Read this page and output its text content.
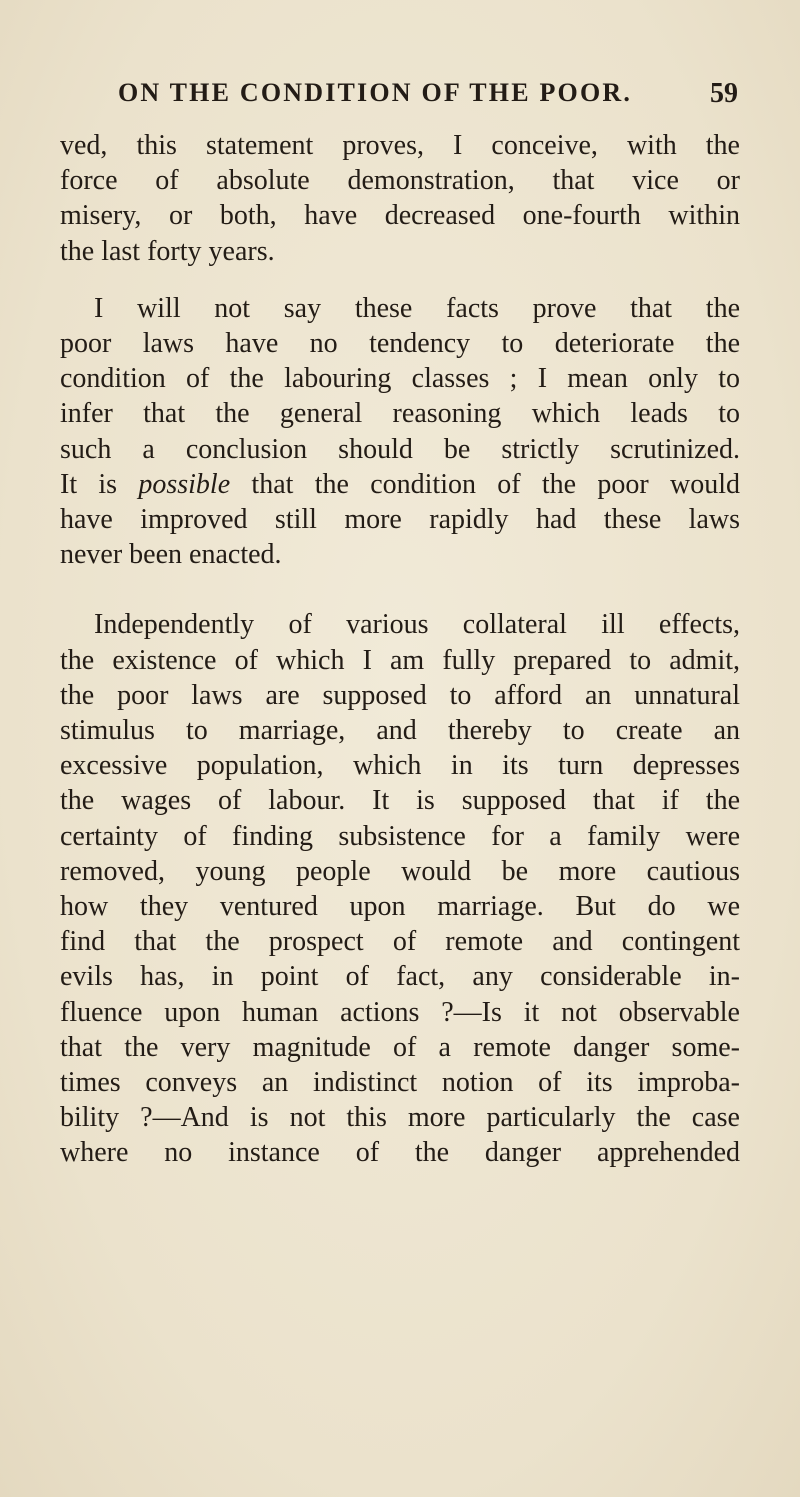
ON THE CONDITION OF THE POOR.	59
ved, this statement proves, I conceive, with the
force of absolute demonstration, that vice or
misery, or both, have decreased one-fourth within
the last forty years.
I will not say these facts prove that the
poor laws have no tendency to deteriorate the
condition of the labouring classes ; I mean only to
infer that the general reasoning which leads to
such a conclusion should be strictly scrutinized.
It is possible that the condition of the poor would
have improved still more rapidly had these laws
never been enacted.
Independently of various collateral ill effects,
the existence of which I am fully prepared to admit,
the poor laws are supposed to afford an unnatural
stimulus to marriage, and thereby to create an
excessive population, which in its turn depresses
the wages of labour. It is supposed that if the
certainty of finding subsistence for a family were
removed, young people would be more cautious
how they ventured upon marriage. But do we
find that the prospect of remote and contingent
evils has, in point of fact, any considerable in-
fluence upon human actions ?—Is it not observable
that the very magnitude of a remote danger some-
times conveys an indistinct notion of its improba-
bility ?—And is not this more particularly the case
where no instance of the danger apprehended
